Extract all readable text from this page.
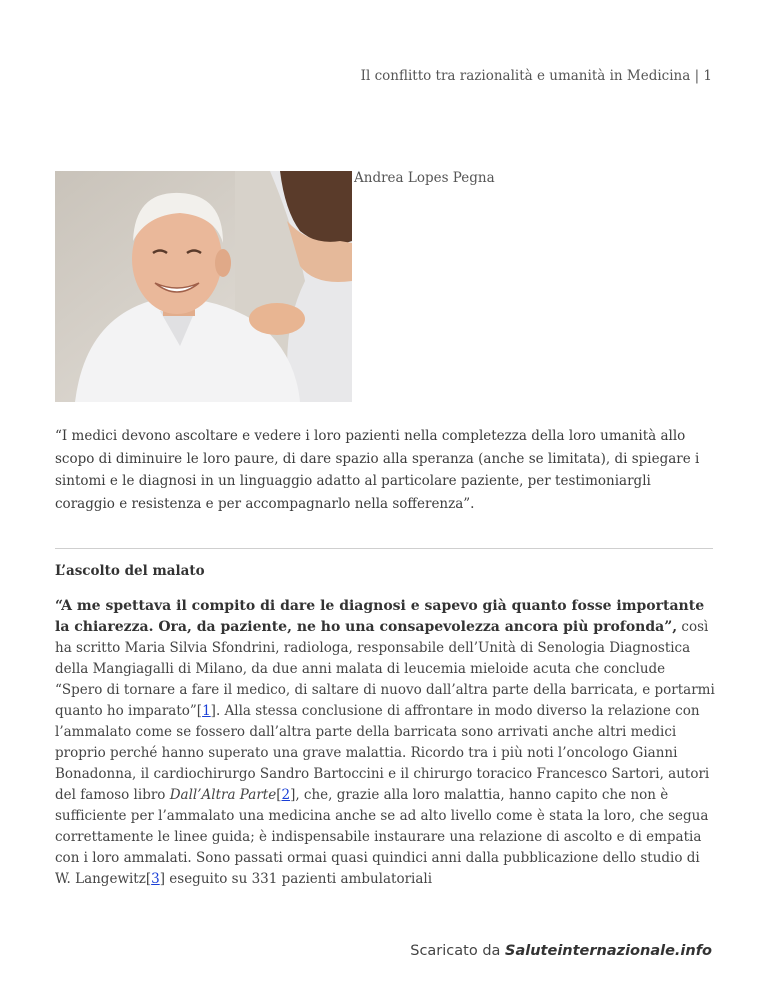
Il conflitto tra razionalità e umanità in Medicina | 1
Andrea Lopes Pegna
“I medici devono ascoltare e vedere i loro pazienti nella completezza della loro umanità allo scopo di diminuire le loro paure, di dare spazio alla speranza (anche se limitata), di spiegare i sintomi e le diagnosi in un linguaggio adatto al particolare paziente, per testimoniargli coraggio e resistenza e per accompagnarlo nella sofferenza”.
L’ascolto del malato
“A me spettava il compito di dare le diagnosi e sapevo già quanto fosse importante la chiarezza. Ora, da paziente, ne ho una consapevolezza ancora più profonda”, così ha scritto Maria Silvia Sfondrini, radiologa, responsabile dell’Unità di Senologia Diagnostica della Mangiagalli di Milano, da due anni malata di leucemia mieloide acuta che conclude “Spero di tornare a fare il medico, di saltare di nuovo dall’altra parte della barricata, e portarmi quanto ho imparato”[1]. Alla stessa conclusione di affrontare in modo diverso la relazione con l’ammalato come se fossero dall’altra parte della barricata sono arrivati anche altri medici proprio perché hanno superato una grave malattia. Ricordo tra i più noti l’oncologo Gianni Bonadonna, il cardiochirurgo Sandro Bartoccini e il chirurgo toracico Francesco Sartori, autori del famoso libro Dall’Altra Parte[2], che, grazie alla loro malattia, hanno capito che non è sufficiente per l’ammalato una medicina anche se ad alto livello come è stata la loro, che segua correttamente le linee guida; è indispensabile instaurare una relazione di ascolto e di empatia con i loro ammalati. Sono passati ormai quasi quindici anni dalla pubblicazione dello studio di W. Langewitz[3] eseguito su 331 pazienti ambulatoriali
Scaricato da Saluteinternazionale.info
